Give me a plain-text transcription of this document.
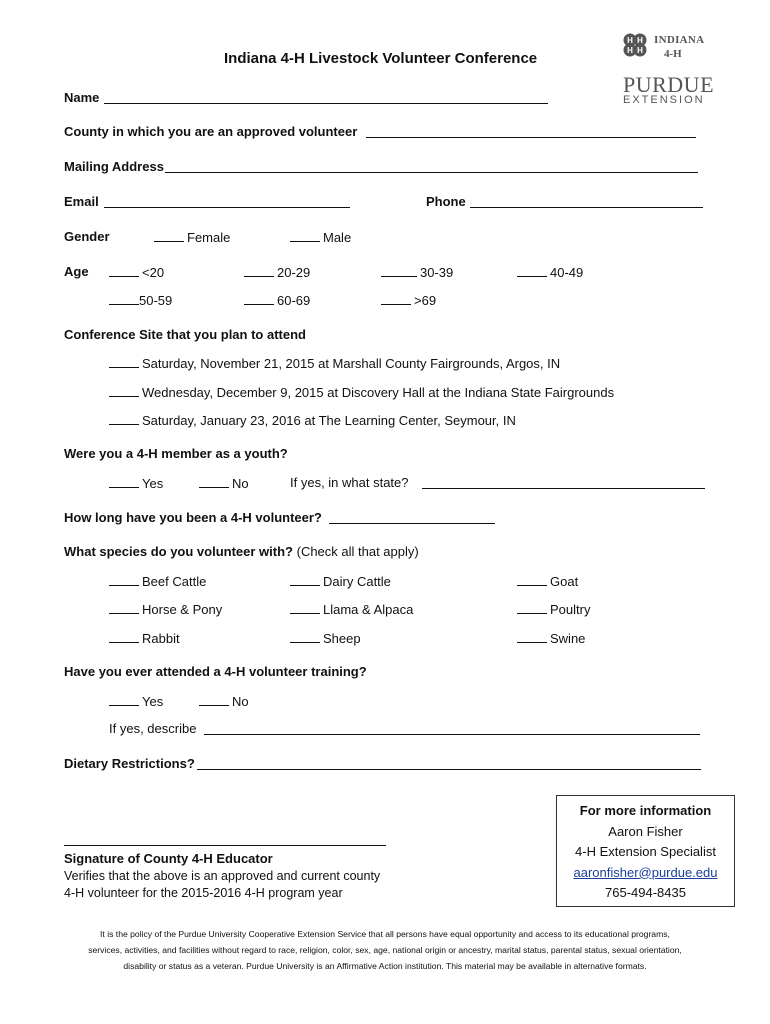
H H
H H
INDIANA
4-H
PURDUE
EXTENSION
Indiana 4-H Livestock Volunteer Conference
Name
County in which you are an approved volunteer
Mailing Address
Email	Phone
Gender	Female	Male
Age	<20	20-29	30-39	40-49
50-59	60-69	>69
Conference Site that you plan to attend
Saturday, November 21, 2015 at Marshall County Fairgrounds, Argos, IN
Wednesday, December 9, 2015 at Discovery Hall at the Indiana State Fairgrounds
Saturday, January 23, 2016 at The Learning Center, Seymour, IN
Were you a 4-H member as a youth?
Yes	No	If yes, in what state?
How long have you been a 4-H volunteer?
What species do you volunteer with? (Check all that apply)
Beef Cattle	Dairy Cattle	Goat
Horse & Pony	Llama & Alpaca	Poultry
Rabbit	Sheep	Swine
Have you ever attended a 4-H volunteer training?
Yes	No
If yes, describe
Dietary Restrictions?
Signature of County 4-H Educator
Verifies that the above is an approved and current county
4-H volunteer for the 2015-2016 4-H program year
For more information
Aaron Fisher
4-H Extension Specialist
aaronfisher@purdue.edu
765-494-8435
It is the policy of the Purdue University Cooperative Extension Service that all persons have equal opportunity and access to its educational programs,
services, activities, and facilities without regard to race, religion, color, sex, age, national origin or ancestry, marital status, parental status, sexual orientation,
disability or status as a veteran. Purdue University is an Affirmative Action institution. This material may be available in alternative formats.
